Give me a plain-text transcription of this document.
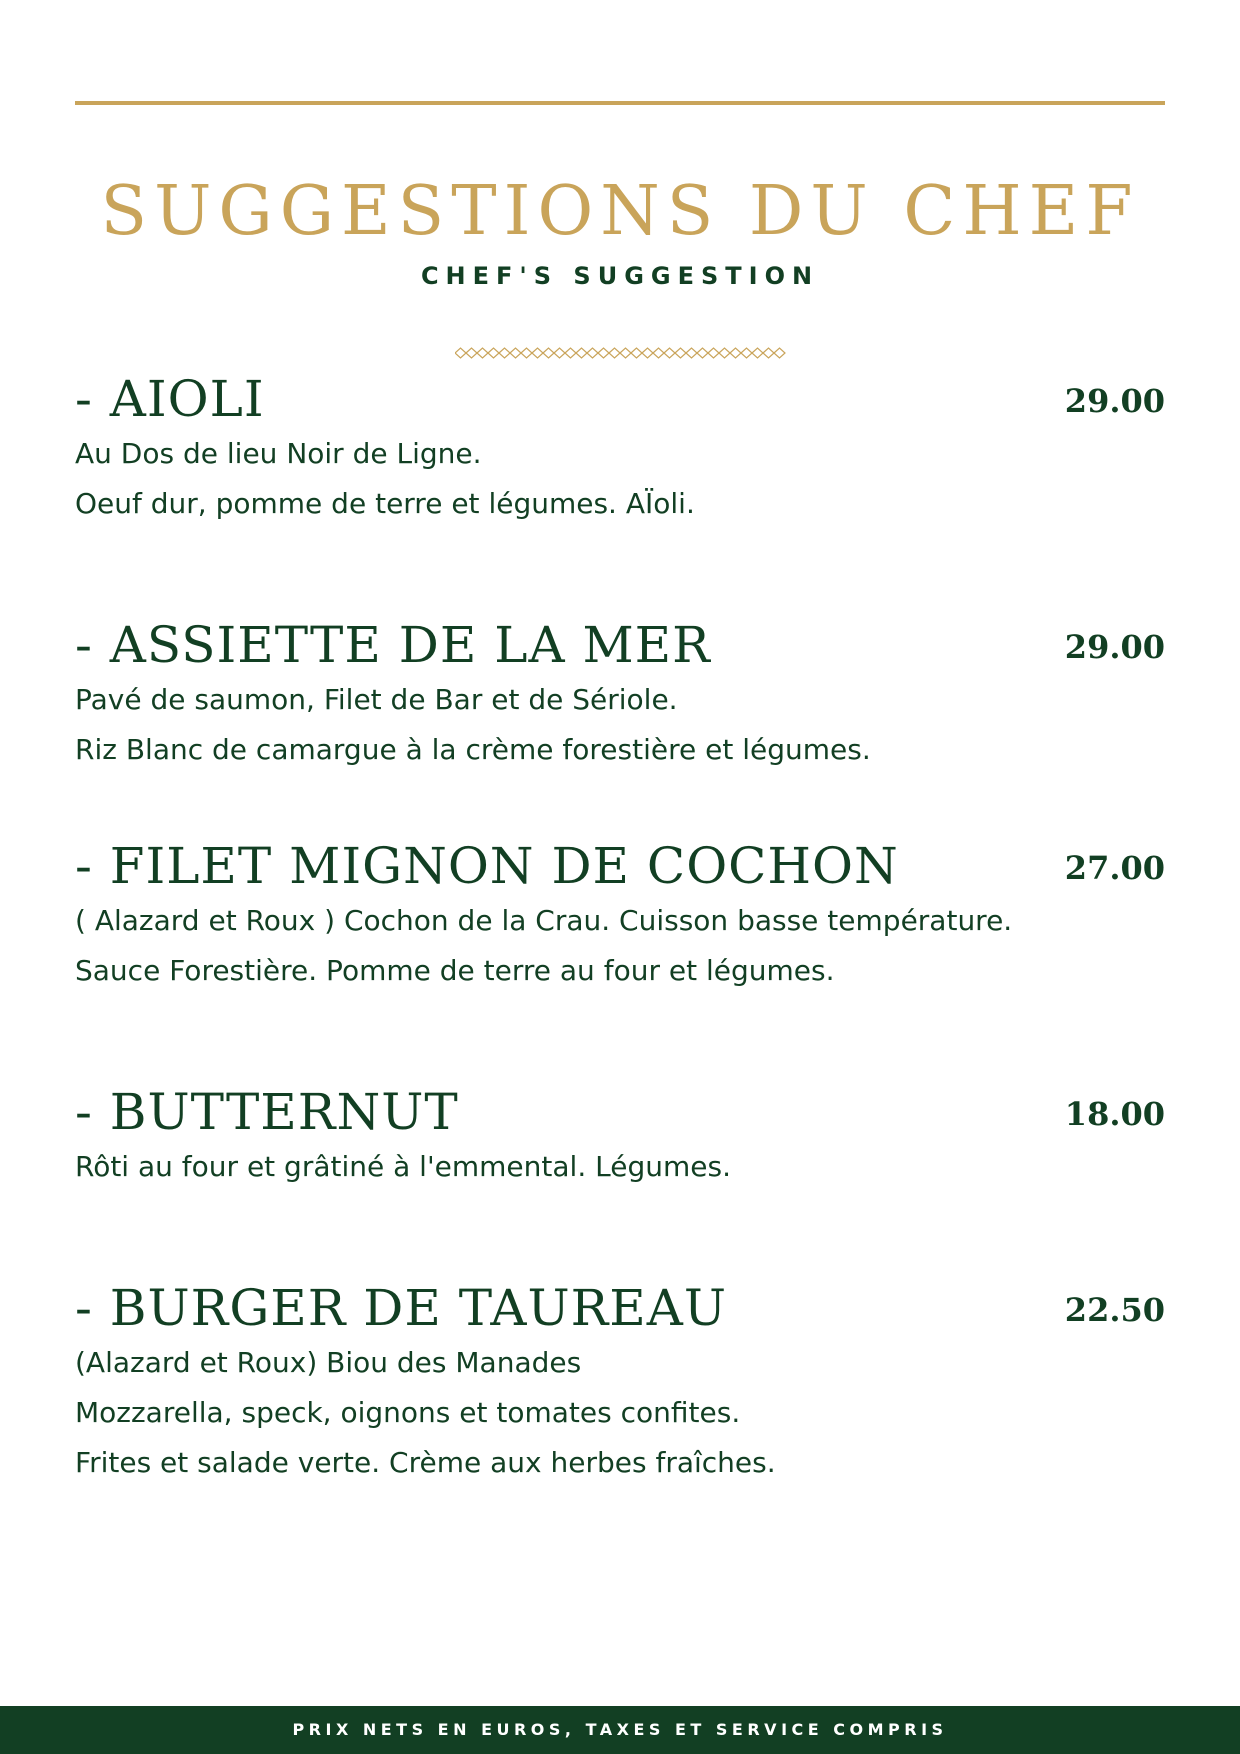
SUGGESTIONS DU CHEF
CHEF'S SUGGESTION
- AIOLI	29.00

Au Dos de lieu Noir de Ligne.

Oeuf dur, pomme de terre et légumes. AÏoli.

- ASSIETTE DE LA MER	29.00

Pavé de saumon, Filet de Bar et de Sériole.

Riz Blanc de camargue à la crème forestière et légumes.

- FILET MIGNON DE COCHON	27.00

( Alazard et Roux ) Cochon de la Crau. Cuisson basse température.

Sauce Forestière. Pomme de terre au four et légumes.

- BUTTERNUT	18.00

Rôti au four et grâtiné à l'emmental. Légumes.

- BURGER DE TAUREAU	22.50

(Alazard et Roux) Biou des Manades

Mozzarella, speck, oignons et tomates confites.

Frites et salade verte. Crème aux herbes fraîches.

PRIX NETS EN EUROS, TAXES ET SERVICE COMPRIS
